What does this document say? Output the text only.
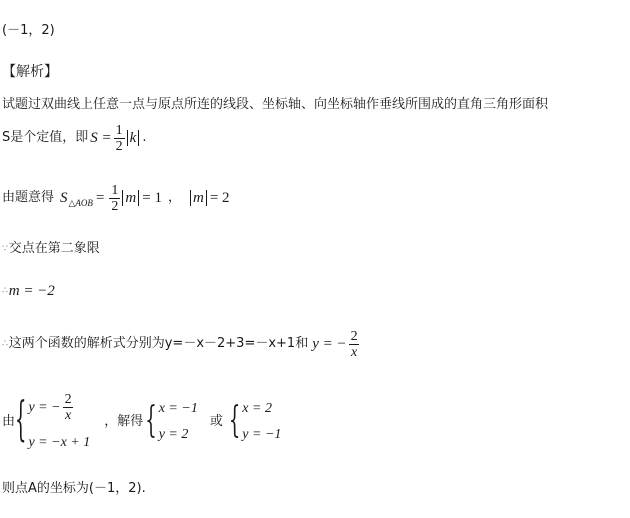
(－1，2)
【解析】
试题过双曲线上任意一点与原点所连的线段、坐标轴、向坐标轴作垂线所围成的直角三角形面积
S是个定值，即 $S = \frac{1}{2}$ k .
由题意得 S △AOB = $\frac{1}{2}$ m = 1 ， m = 2
∵ 交点在第二象限
∴ m = −2
∴ 这两个函数的解析式分别为y=－x－2+3=－x+1和 y = − $\frac{2}{x}$
由 { y = − $\frac{2}{x}$
y = −x + 1
，解得 { x = −1
y = 2
或 { x = 2
y = −1
则点A的坐标为(－1，2).
